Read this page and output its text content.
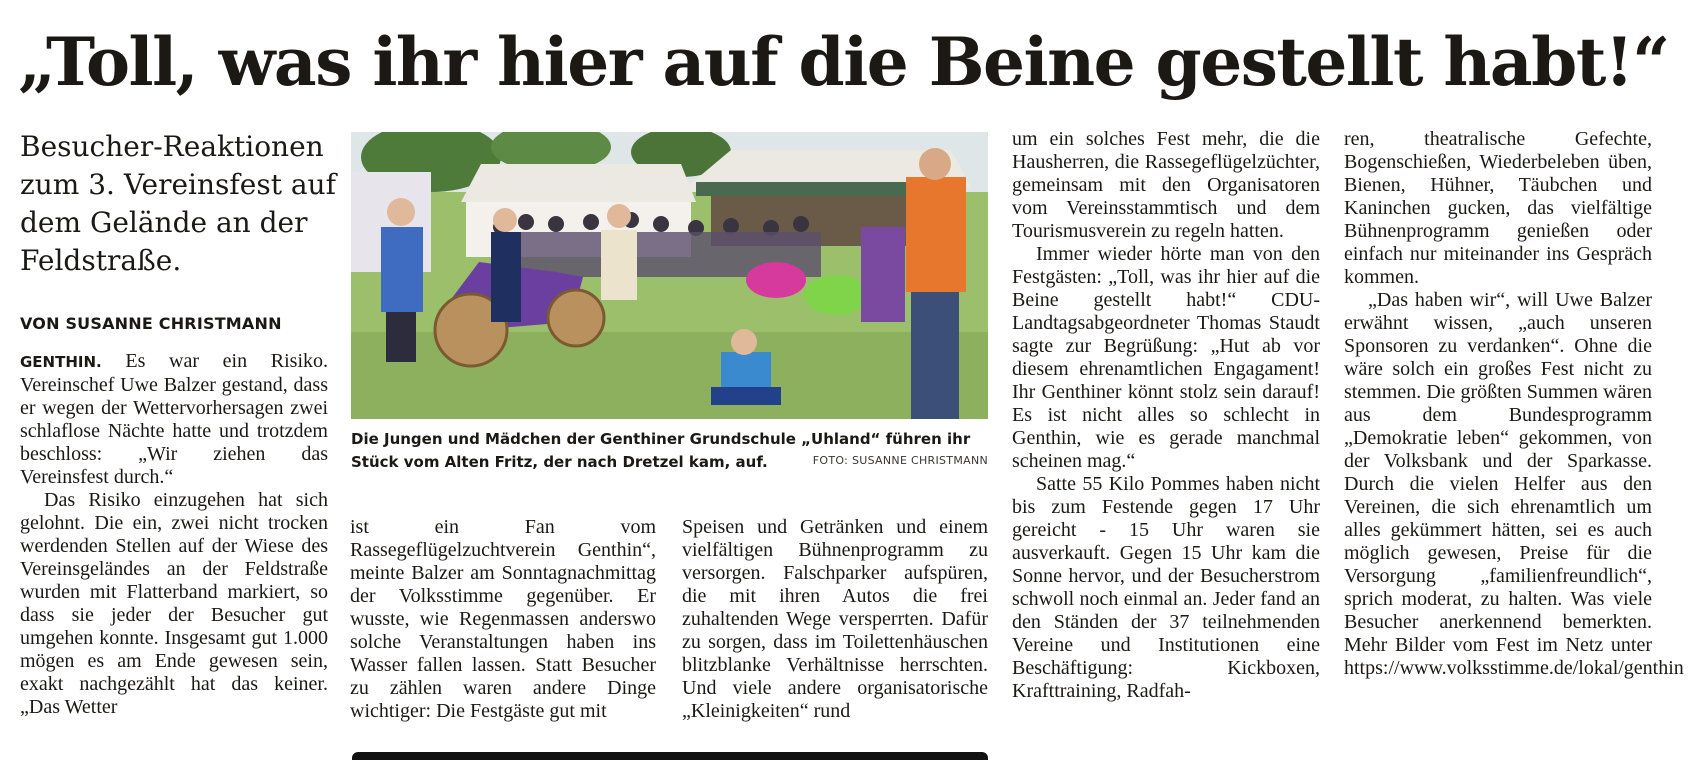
„Toll, was ihr hier auf die Beine gestellt habt!“
Besucher-Reaktionen zum 3. Vereinsfest auf dem Gelände an der Feldstraße.
VON SUSANNE CHRISTMANN

GENTHIN. Es war ein Risiko. Vereinschef Uwe Balzer gestand, dass er wegen der Wettervorhersagen zwei schlaflose Nächte hatte und trotzdem beschloss: „Wir ziehen das Vereinsfest durch.“

Das Risiko einzugehen hat sich gelohnt. Die ein, zwei nicht trocken werdenden Stellen auf der Wiese des Vereinsgeländes an der Feldstraße wurden mit Flatterband markiert, so dass sie jeder der Besucher gut umgehen konnte. Insgesamt gut 1.000 mögen es am Ende gewesen sein, exakt nachgezählt hat das keiner. „Das Wetter

Die Jungen und Mädchen der Genthiner Grundschule „Uhland“ führen ihr Stück vom Alten Fritz, der nach Dretzel kam, auf.	FOTO: SUSANNE CHRISTMANN

ist ein Fan vom Rassegeflügelzuchtverein Genthin“, meinte Balzer am Sonntagnachmittag der Volksstimme gegenüber. Er wusste, wie Regenmassen anderswo solche Veranstaltungen haben ins Wasser fallen lassen. Statt Besucher zu zählen waren andere Dinge wichtiger: Die Festgäste gut mit

Speisen und Getränken und einem vielfältigen Bühnenprogramm zu versorgen. Falschparker aufspüren, die mit ihren Autos die frei zuhaltenden Wege versperrten. Dafür zu sorgen, dass im Toilettenhäuschen blitzblanke Verhältnisse herrschten. Und viele andere organisatorische „Kleinigkeiten“ rund

um ein solches Fest mehr, die die Hausherren, die Rassegeflügelzüchter, gemeinsam mit den Organisatoren vom Vereinsstammtisch und dem Tourismusverein zu regeln hatten.

Immer wieder hörte man von den Festgästen: „Toll, was ihr hier auf die Beine gestellt habt!“ CDU-Landtagsabgeordneter Thomas Staudt sagte zur Begrüßung: „Hut ab vor diesem ehrenamtlichen Engagament! Ihr Genthiner könnt stolz sein darauf! Es ist nicht alles so schlecht in Genthin, wie es gerade manchmal scheinen mag.“

Satte 55 Kilo Pommes haben nicht bis zum Festende gegen 17 Uhr gereicht - 15 Uhr waren sie ausverkauft. Gegen 15 Uhr kam die Sonne hervor, und der Besucherstrom schwoll noch einmal an. Jeder fand an den Ständen der 37 teilnehmenden Vereine und Institutionen eine Beschäftigung: Kickboxen, Krafttraining, Radfah-

ren, theatralische Gefechte, Bogenschießen, Wiederbeleben üben, Bienen, Hühner, Täubchen und Kaninchen gucken, das vielfältige Bühnenprogramm genießen oder einfach nur miteinander ins Gespräch kommen.

„Das haben wir“, will Uwe Balzer erwähnt wissen, „auch unseren Sponsoren zu verdanken“. Ohne die wäre solch ein großes Fest nicht zu stemmen. Die größten Summen wären aus dem Bundesprogramm „Demokratie leben“ gekommen, von der Volksbank und der Sparkasse. Durch die vielen Helfer aus den Vereinen, die sich ehrenamtlich um alles gekümmert hätten, sei es auch möglich gewesen, Preise für die Versorgung „familienfreundlich“, sprich moderat, zu halten. Was viele Besucher anerkennend bemerkten. Mehr Bilder vom Fest im Netz unter https://www.volksstimme.de/lokal/genthin
